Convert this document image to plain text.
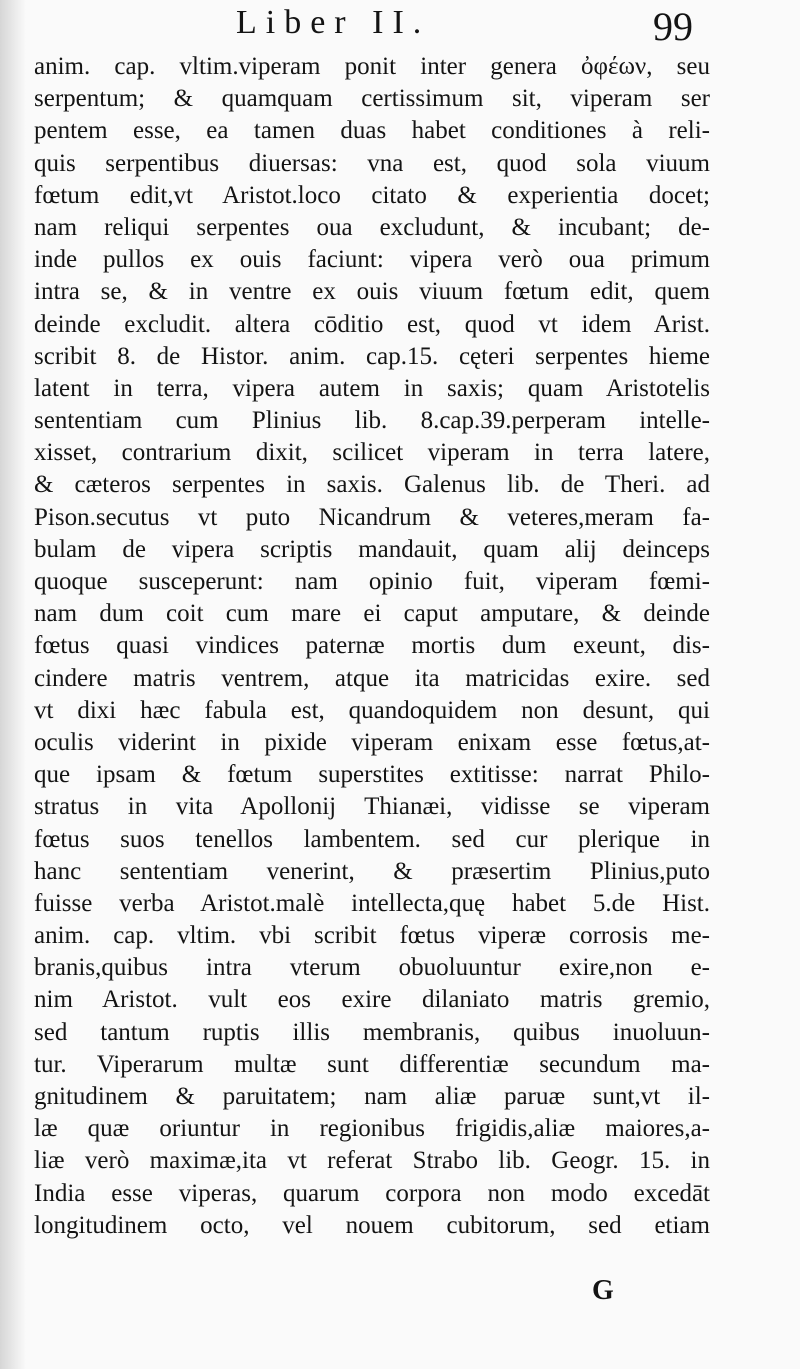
Liber II.	99
anim. cap. vltim.viperam ponit inter genera ὀφέων, seu
serpentum; & quamquam certissimum sit, viperam ser
pentem esse, ea tamen duas habet conditiones à reli-
quis serpentibus diuersas: vna est, quod sola viuum
fœtum edit,vt Aristot.loco citato & experientia docet;
nam reliqui serpentes oua excludunt, & incubant; de-
inde pullos ex ouis faciunt: vipera verò oua primum
intra se, & in ventre ex ouis viuum fœtum edit, quem
deinde excludit. altera cōditio est, quod vt idem Arist.
scribit 8. de Histor. anim. cap.15. cęteri serpentes hieme
latent in terra, vipera autem in saxis; quam Aristotelis
sententiam cum Plinius lib. 8.cap.39.perperam intelle-
xisset, contrarium dixit, scilicet viperam in terra latere,
& cæteros serpentes in saxis. Galenus lib. de Theri. ad
Pison.secutus vt puto Nicandrum & veteres,meram fa-
bulam de vipera scriptis mandauit, quam alij deinceps
quoque susceperunt: nam opinio fuit, viperam fœmi-
nam dum coit cum mare ei caput amputare, & deinde
fœtus quasi vindices paternæ mortis dum exeunt, dis-
cindere matris ventrem, atque ita matricidas exire. sed
vt dixi hæc fabula est, quandoquidem non desunt, qui
oculis viderint in pixide viperam enixam esse fœtus,at-
que ipsam & fœtum superstites extitisse: narrat Philo-
stratus in vita Apollonij Thianæi, vidisse se viperam
fœtus suos tenellos lambentem. sed cur plerique in
hanc sententiam venerint, & præsertim Plinius,puto
fuisse verba Aristot.malè intellecta,quę habet 5.de Hist.
anim. cap. vltim. vbi scribit fœtus viperæ corrosis me-
branis,quibus intra vterum obuoluuntur exire,non e-
nim Aristot. vult eos exire dilaniato matris gremio,
sed tantum ruptis illis membranis, quibus inuoluun-
tur. Viperarum multæ sunt differentiæ secundum ma-
gnitudinem & paruitatem; nam aliæ paruæ sunt,vt il-
læ quæ oriuntur in regionibus frigidis,aliæ maiores,a-
liæ verò maximæ,ita vt referat Strabo lib. Geogr. 15. in
India esse viperas, quarum corpora non modo excedāt
longitudinem octo, vel nouem cubitorum, sed etiam
G
